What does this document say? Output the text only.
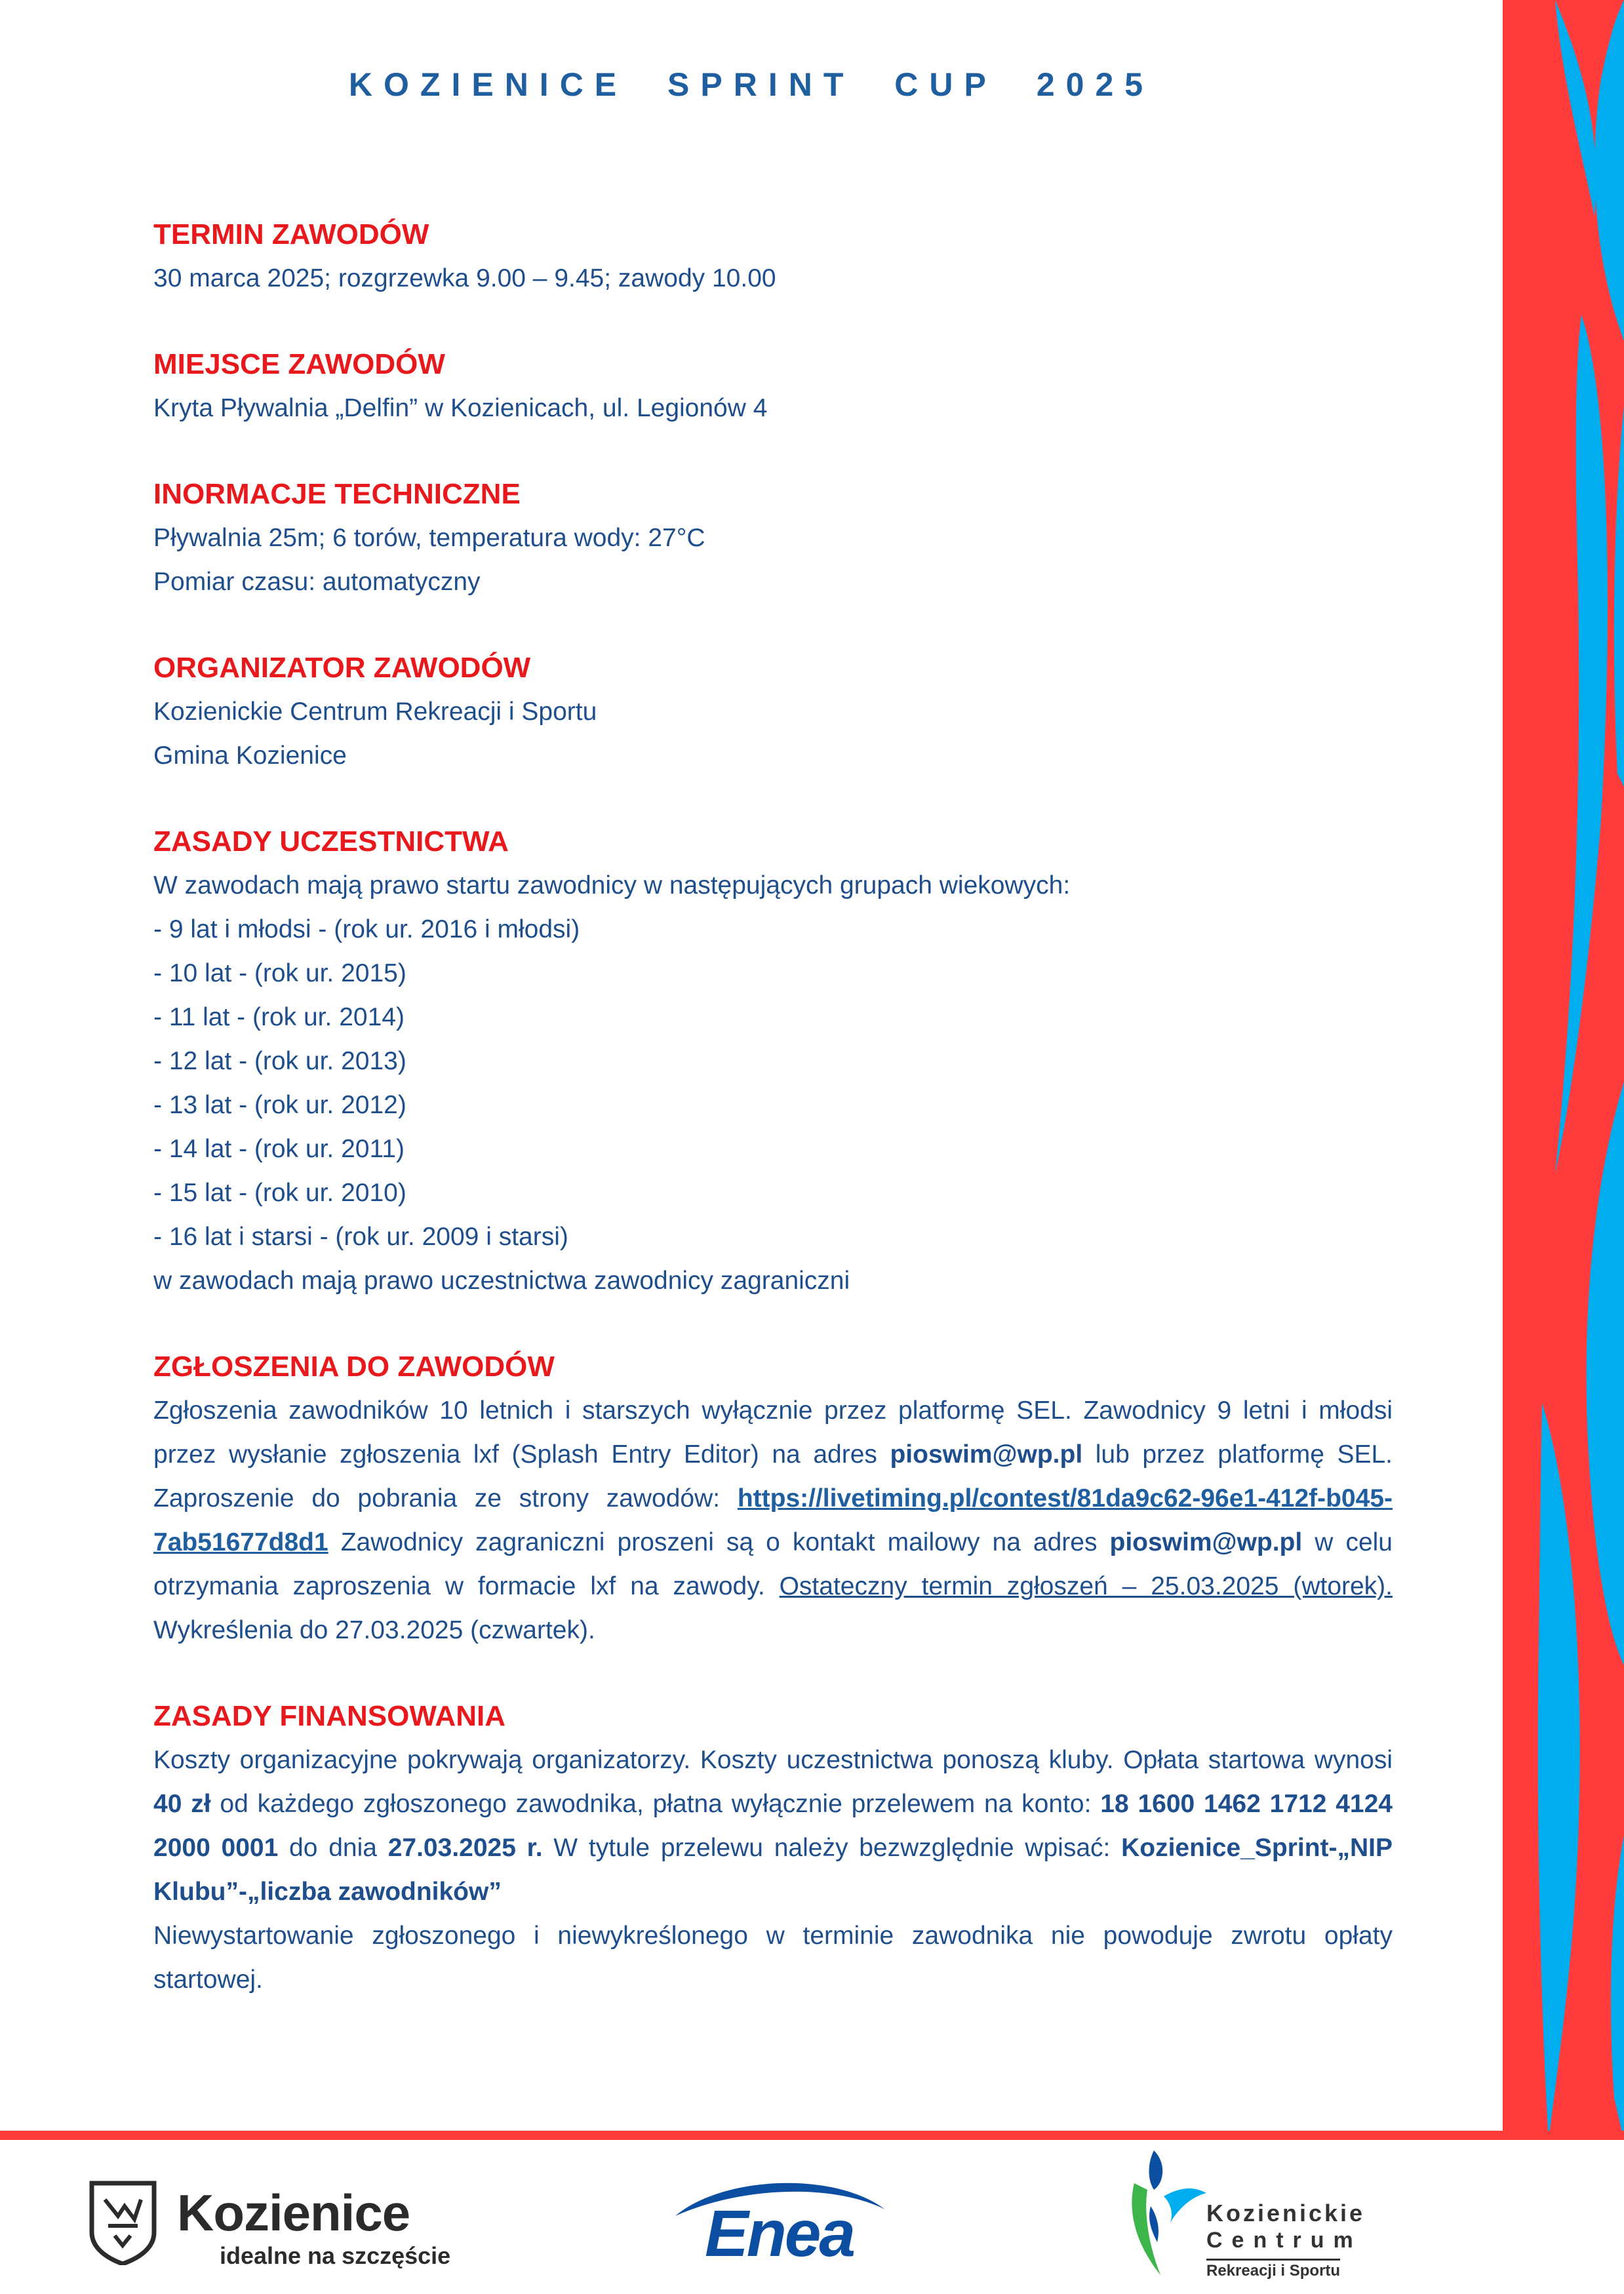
KOZIENICE SPRINT CUP 2025
TERMIN ZAWODÓW
30 marca 2025; rozgrzewka 9.00 – 9.45; zawody 10.00
MIEJSCE ZAWODÓW
Kryta Pływalnia „Delfin” w Kozienicach, ul. Legionów 4
INORMACJE TECHNICZNE
Pływalnia 25m; 6 torów, temperatura wody: 27°C
Pomiar czasu: automatyczny
ORGANIZATOR ZAWODÓW
Kozienickie Centrum Rekreacji i Sportu
Gmina Kozienice
ZASADY UCZESTNICTWA
W zawodach mają prawo startu zawodnicy w następujących grupach wiekowych:
- 9 lat i młodsi - (rok ur. 2016 i młodsi)
- 10 lat - (rok ur. 2015)
- 11 lat - (rok ur. 2014)
- 12 lat - (rok ur. 2013)
- 13 lat - (rok ur. 2012)
- 14 lat - (rok ur. 2011)
- 15 lat - (rok ur. 2010)
- 16 lat i starsi - (rok ur. 2009 i starsi)
w zawodach mają prawo uczestnictwa zawodnicy zagraniczni
ZGŁOSZENIA DO ZAWODÓW
Zgłoszenia zawodników 10 letnich i starszych wyłącznie przez platformę SEL. Zawodnicy 9 letni i młodsi przez wysłanie zgłoszenia lxf (Splash Entry Editor) na adres pioswim@wp.pl lub przez platformę SEL. Zaproszenie do pobrania ze strony zawodów: https://livetiming.pl/contest/81da9c62-96e1-412f-b045-7ab51677d8d1 Zawodnicy zagraniczni proszeni są o kontakt mailowy na adres pioswim@wp.pl w celu otrzymania zaproszenia w formacie lxf na zawody. Ostateczny termin zgłoszeń – 25.03.2025 (wtorek). Wykreślenia do 27.03.2025 (czwartek).
ZASADY FINANSOWANIA
Koszty organizacyjne pokrywają organizatorzy. Koszty uczestnictwa ponoszą kluby. Opłata startowa wynosi 40 zł od każdego zgłoszonego zawodnika, płatna wyłącznie przelewem na konto: 18 1600 1462 1712 4124 2000 0001 do dnia 27.03.2025 r. W tytule przelewu należy bezwzględnie wpisać: Kozienice_Sprint-„NIP Klubu”-„liczba zawodników”
Niewystartowanie zgłoszonego i niewykreślonego w terminie zawodnika nie powoduje zwrotu opłaty startowej.
Kozienice
idealne na szczęście	Enea	Kozienickie
Centrum
Rekreacji i Sportu
